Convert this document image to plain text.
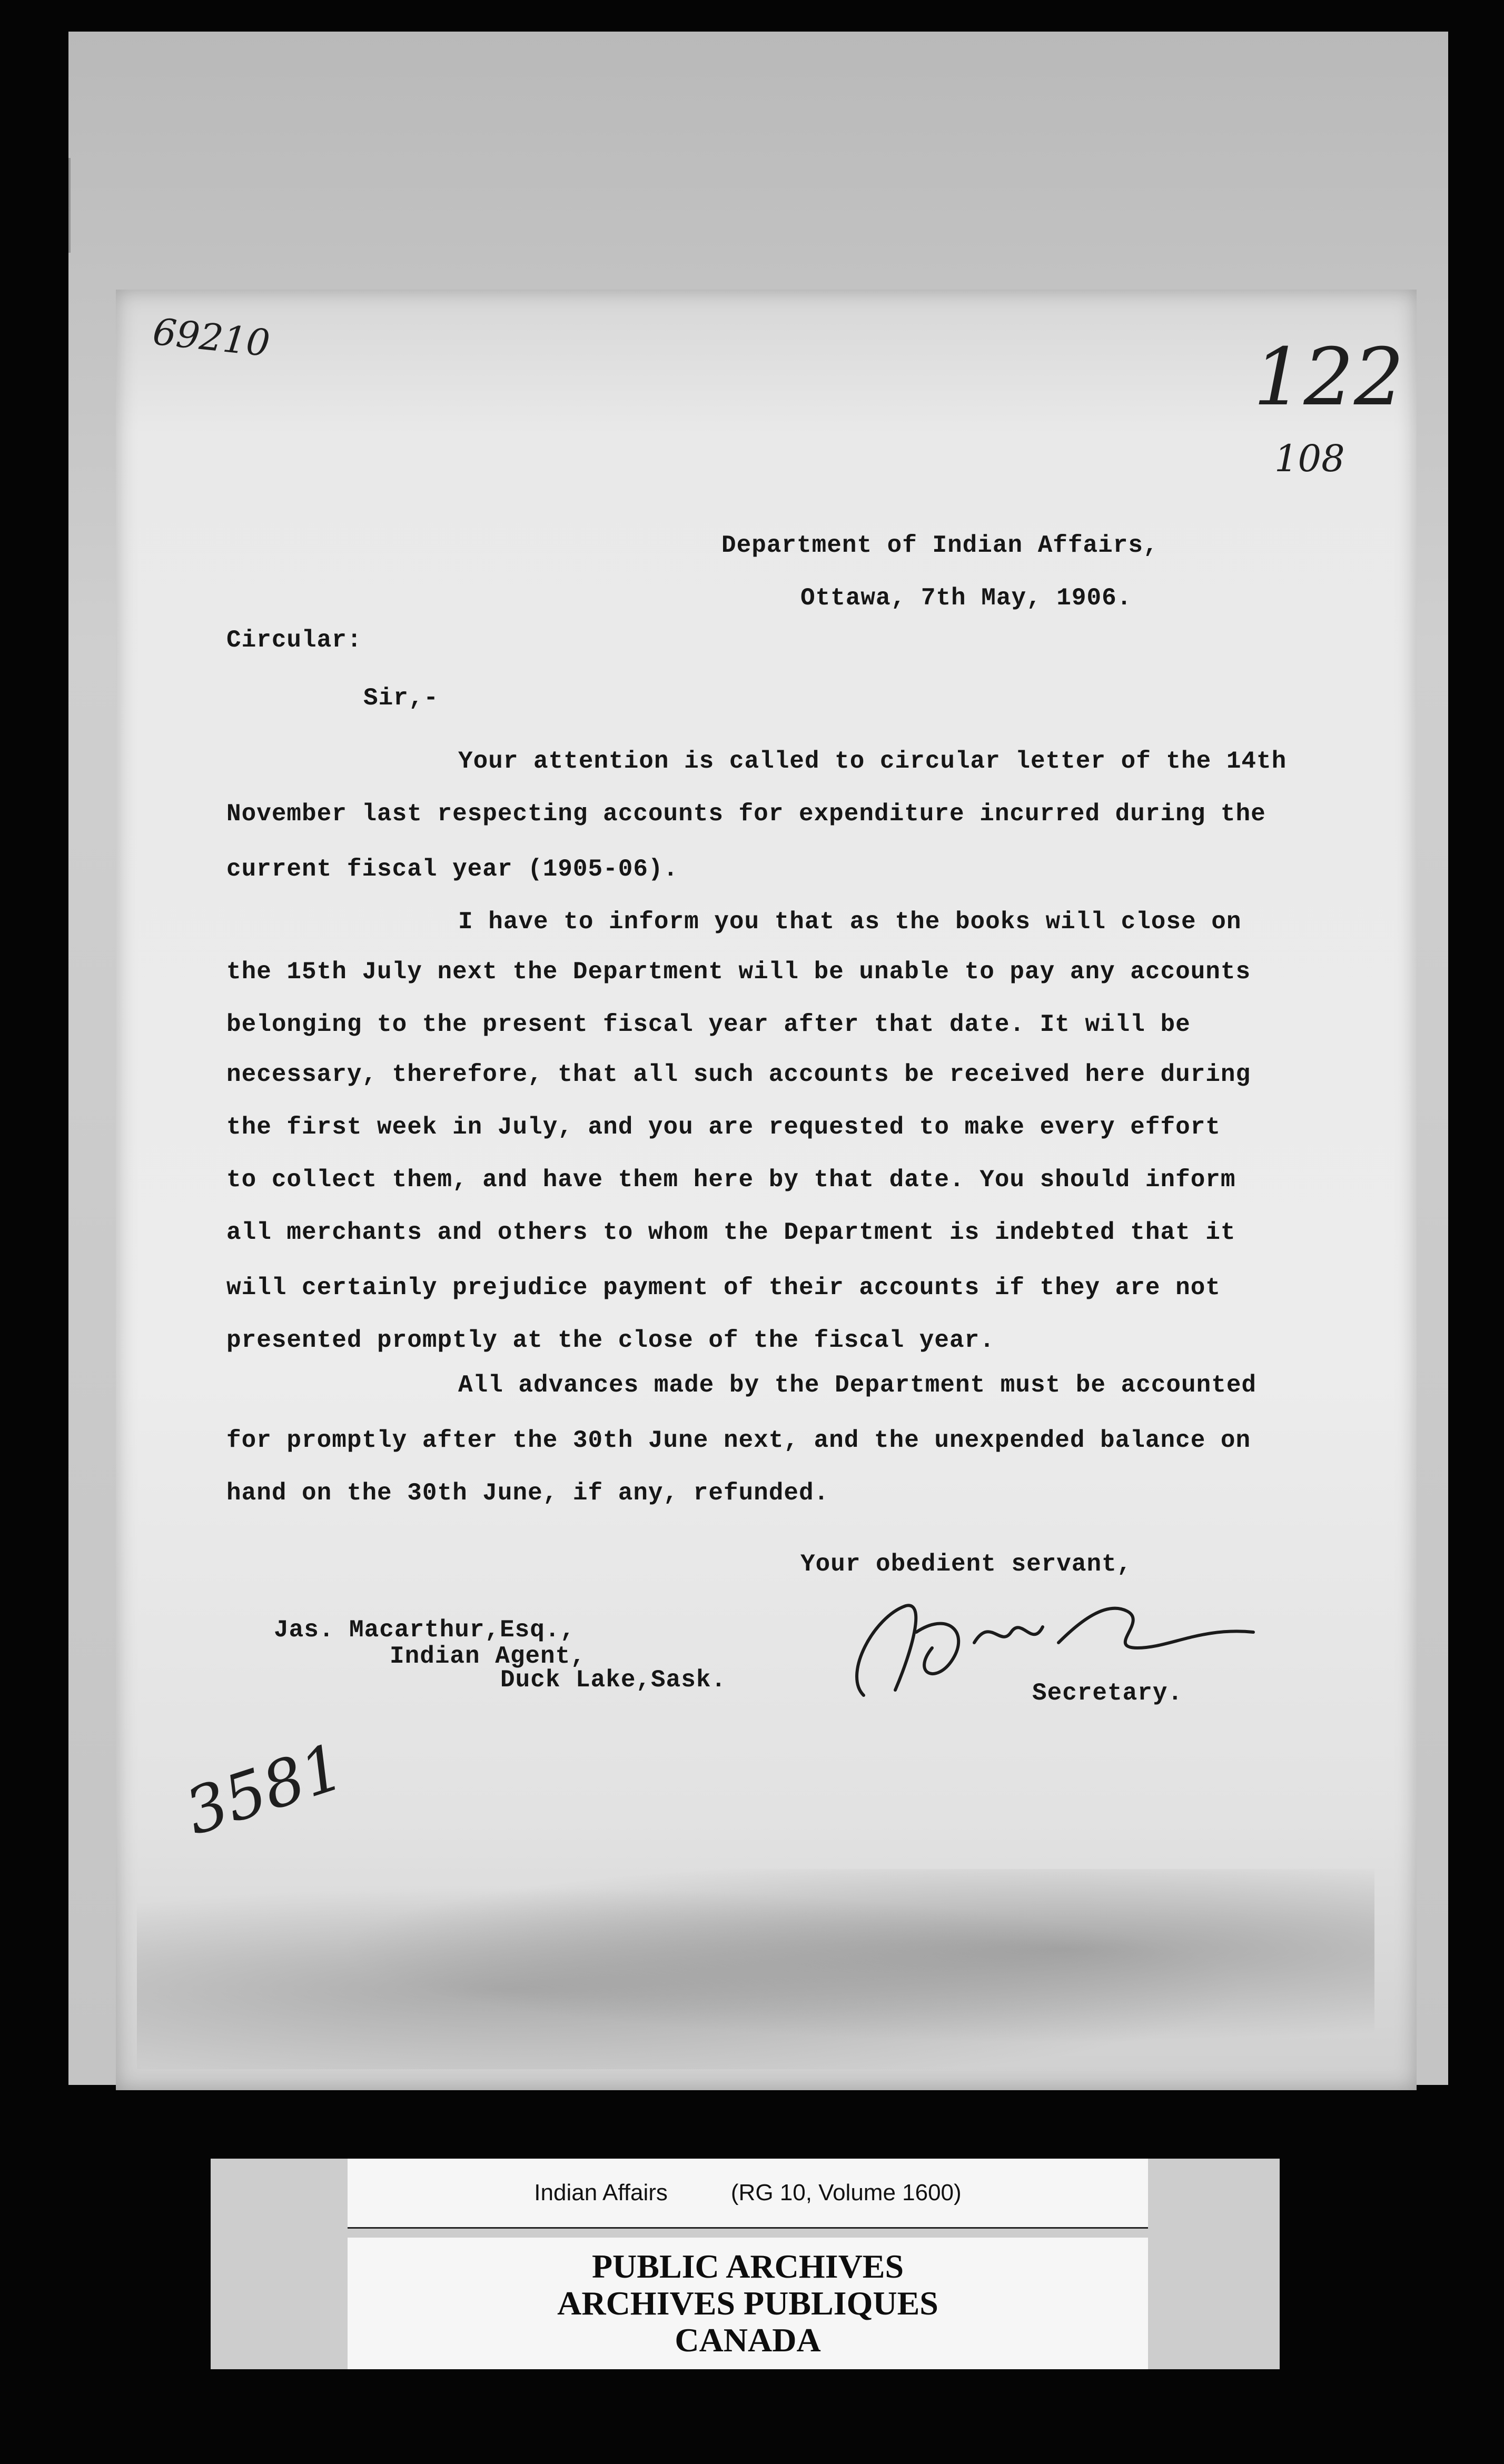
69210	122
108
3581
Department of Indian Affairs,
Ottawa, 7th May, 1906.
Circular:
Sir,-
Your attention is called to circular letter of the 14th
November last respecting accounts for expenditure incurred during the
current fiscal year (1905-06).
I have to inform you that as the books will close on
the 15th July next the Department will be unable to pay any accounts
belonging to the present fiscal year after that date. It will be
necessary, therefore, that all such accounts be received here during
the first week in July, and you are requested to make every effort
to collect them, and have them here by that date. You should inform
all merchants and others to whom the Department is indebted that it
will certainly prejudice payment of their accounts if they are not
presented promptly at the close of the fiscal year.
All advances made by the Department must be accounted
for promptly after the 30th June next, and the unexpended balance on
hand on the 30th June, if any, refunded.
Your obedient servant,
Jas. Macarthur,Esq.,
Indian Agent,
Duck Lake,Sask.	Secretary.
Indian Affairs	(RG 10, Volume 1600)
PUBLIC ARCHIVES
ARCHIVES PUBLIQUES
CANADA
